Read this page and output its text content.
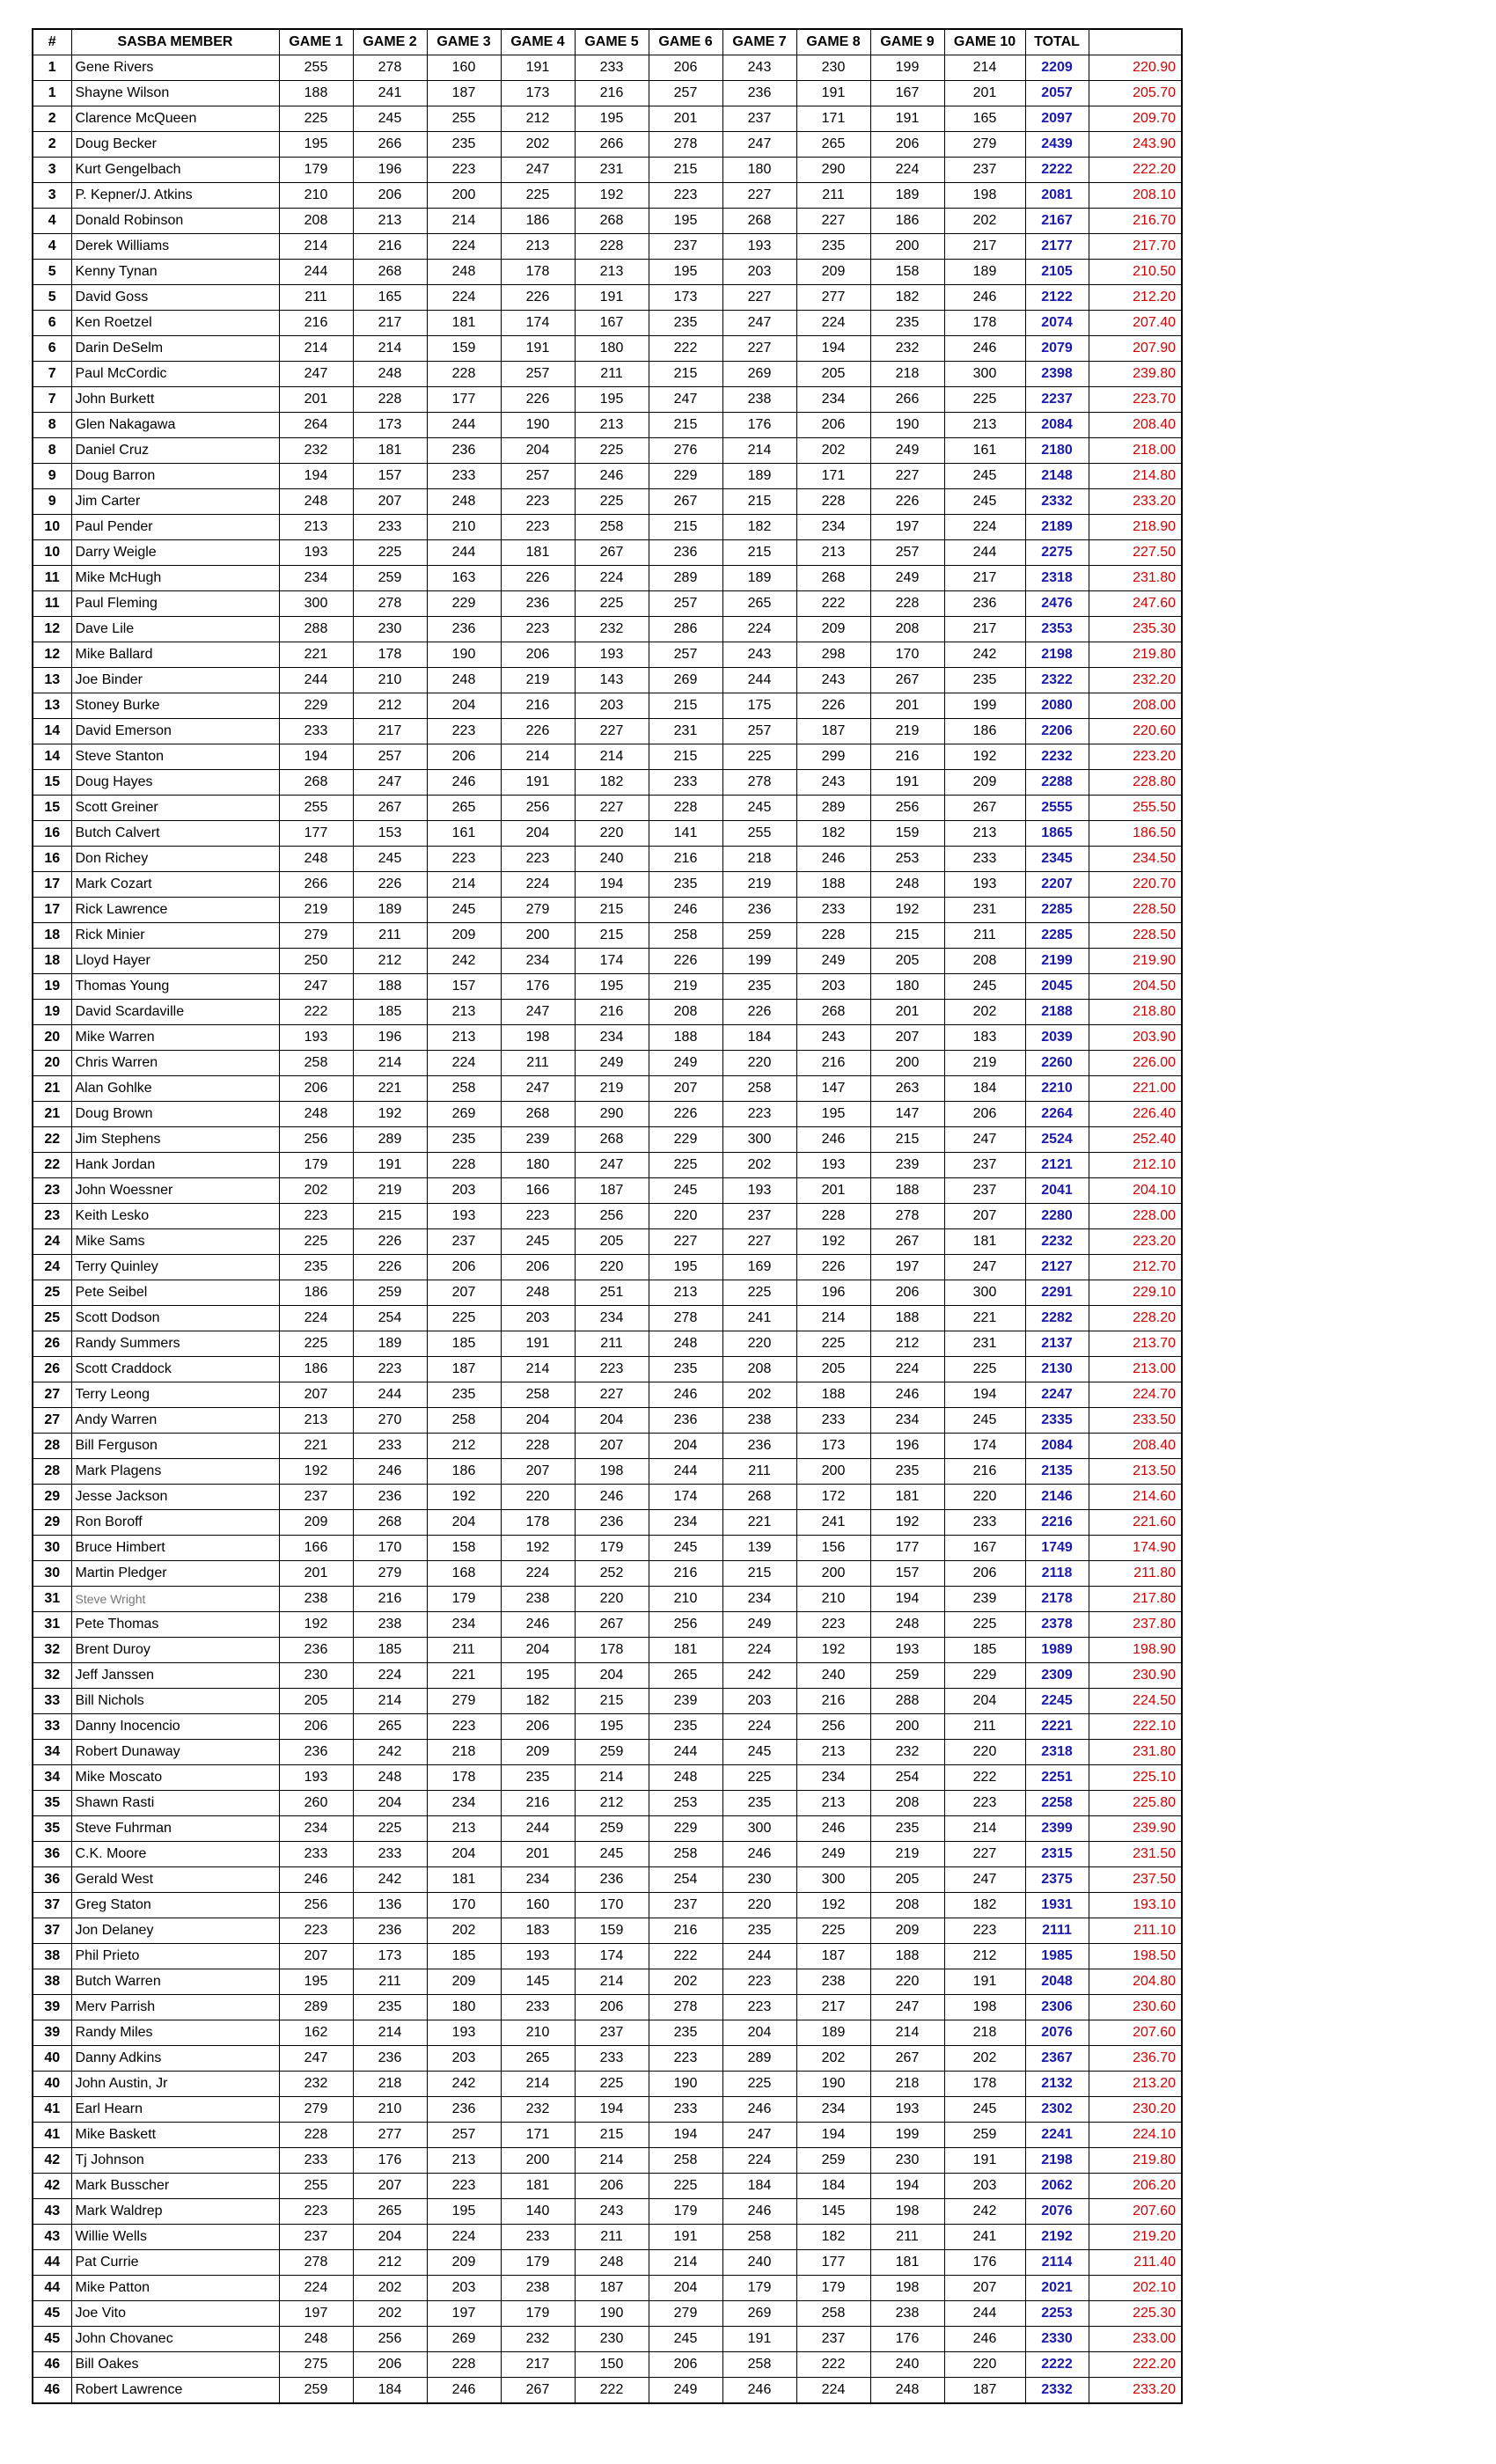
#	SASBA MEMBER	GAME 1	GAME 2	GAME 3	GAME 4	GAME 5	GAME 6	GAME 7	GAME 8	GAME 9	GAME 10	TOTAL	
1	Gene Rivers	255	278	160	191	233	206	243	230	199	214	2209	220.90
1	Shayne Wilson	188	241	187	173	216	257	236	191	167	201	2057	205.70
2	Clarence McQueen	225	245	255	212	195	201	237	171	191	165	2097	209.70
2	Doug Becker	195	266	235	202	266	278	247	265	206	279	2439	243.90
3	Kurt Gengelbach	179	196	223	247	231	215	180	290	224	237	2222	222.20
3	P. Kepner/J. Atkins	210	206	200	225	192	223	227	211	189	198	2081	208.10
4	Donald Robinson	208	213	214	186	268	195	268	227	186	202	2167	216.70
4	Derek Williams	214	216	224	213	228	237	193	235	200	217	2177	217.70
5	Kenny Tynan	244	268	248	178	213	195	203	209	158	189	2105	210.50
5	David Goss	211	165	224	226	191	173	227	277	182	246	2122	212.20
6	Ken Roetzel	216	217	181	174	167	235	247	224	235	178	2074	207.40
6	Darin DeSelm	214	214	159	191	180	222	227	194	232	246	2079	207.90
7	Paul McCordic	247	248	228	257	211	215	269	205	218	300	2398	239.80
7	John Burkett	201	228	177	226	195	247	238	234	266	225	2237	223.70
8	Glen Nakagawa	264	173	244	190	213	215	176	206	190	213	2084	208.40
8	Daniel Cruz	232	181	236	204	225	276	214	202	249	161	2180	218.00
9	Doug Barron	194	157	233	257	246	229	189	171	227	245	2148	214.80
9	Jim Carter	248	207	248	223	225	267	215	228	226	245	2332	233.20
10	Paul Pender	213	233	210	223	258	215	182	234	197	224	2189	218.90
10	Darry Weigle	193	225	244	181	267	236	215	213	257	244	2275	227.50
11	Mike McHugh	234	259	163	226	224	289	189	268	249	217	2318	231.80
11	Paul Fleming	300	278	229	236	225	257	265	222	228	236	2476	247.60
12	Dave Lile	288	230	236	223	232	286	224	209	208	217	2353	235.30
12	Mike Ballard	221	178	190	206	193	257	243	298	170	242	2198	219.80
13	Joe Binder	244	210	248	219	143	269	244	243	267	235	2322	232.20
13	Stoney Burke	229	212	204	216	203	215	175	226	201	199	2080	208.00
14	David Emerson	233	217	223	226	227	231	257	187	219	186	2206	220.60
14	Steve Stanton	194	257	206	214	214	215	225	299	216	192	2232	223.20
15	Doug Hayes	268	247	246	191	182	233	278	243	191	209	2288	228.80
15	Scott Greiner	255	267	265	256	227	228	245	289	256	267	2555	255.50
16	Butch Calvert	177	153	161	204	220	141	255	182	159	213	1865	186.50
16	Don Richey	248	245	223	223	240	216	218	246	253	233	2345	234.50
17	Mark Cozart	266	226	214	224	194	235	219	188	248	193	2207	220.70
17	Rick Lawrence	219	189	245	279	215	246	236	233	192	231	2285	228.50
18	Rick Minier	279	211	209	200	215	258	259	228	215	211	2285	228.50
18	Lloyd Hayer	250	212	242	234	174	226	199	249	205	208	2199	219.90
19	Thomas Young	247	188	157	176	195	219	235	203	180	245	2045	204.50
19	David Scardaville	222	185	213	247	216	208	226	268	201	202	2188	218.80
20	Mike Warren	193	196	213	198	234	188	184	243	207	183	2039	203.90
20	Chris Warren	258	214	224	211	249	249	220	216	200	219	2260	226.00
21	Alan Gohlke	206	221	258	247	219	207	258	147	263	184	2210	221.00
21	Doug Brown	248	192	269	268	290	226	223	195	147	206	2264	226.40
22	Jim Stephens	256	289	235	239	268	229	300	246	215	247	2524	252.40
22	Hank Jordan	179	191	228	180	247	225	202	193	239	237	2121	212.10
23	John Woessner	202	219	203	166	187	245	193	201	188	237	2041	204.10
23	Keith Lesko	223	215	193	223	256	220	237	228	278	207	2280	228.00
24	Mike Sams	225	226	237	245	205	227	227	192	267	181	2232	223.20
24	Terry Quinley	235	226	206	206	220	195	169	226	197	247	2127	212.70
25	Pete Seibel	186	259	207	248	251	213	225	196	206	300	2291	229.10
25	Scott Dodson	224	254	225	203	234	278	241	214	188	221	2282	228.20
26	Randy Summers	225	189	185	191	211	248	220	225	212	231	2137	213.70
26	Scott Craddock	186	223	187	214	223	235	208	205	224	225	2130	213.00
27	Terry Leong	207	244	235	258	227	246	202	188	246	194	2247	224.70
27	Andy Warren	213	270	258	204	204	236	238	233	234	245	2335	233.50
28	Bill Ferguson	221	233	212	228	207	204	236	173	196	174	2084	208.40
28	Mark Plagens	192	246	186	207	198	244	211	200	235	216	2135	213.50
29	Jesse Jackson	237	236	192	220	246	174	268	172	181	220	2146	214.60
29	Ron Boroff	209	268	204	178	236	234	221	241	192	233	2216	221.60
30	Bruce Himbert	166	170	158	192	179	245	139	156	177	167	1749	174.90
30	Martin Pledger	201	279	168	224	252	216	215	200	157	206	2118	211.80
31	Steve Wright	238	216	179	238	220	210	234	210	194	239	2178	217.80
31	Pete Thomas	192	238	234	246	267	256	249	223	248	225	2378	237.80
32	Brent Duroy	236	185	211	204	178	181	224	192	193	185	1989	198.90
32	Jeff Janssen	230	224	221	195	204	265	242	240	259	229	2309	230.90
33	Bill Nichols	205	214	279	182	215	239	203	216	288	204	2245	224.50
33	Danny Inocencio	206	265	223	206	195	235	224	256	200	211	2221	222.10
34	Robert Dunaway	236	242	218	209	259	244	245	213	232	220	2318	231.80
34	Mike Moscato	193	248	178	235	214	248	225	234	254	222	2251	225.10
35	Shawn Rasti	260	204	234	216	212	253	235	213	208	223	2258	225.80
35	Steve Fuhrman	234	225	213	244	259	229	300	246	235	214	2399	239.90
36	C.K. Moore	233	233	204	201	245	258	246	249	219	227	2315	231.50
36	Gerald West	246	242	181	234	236	254	230	300	205	247	2375	237.50
37	Greg Staton	256	136	170	160	170	237	220	192	208	182	1931	193.10
37	Jon Delaney	223	236	202	183	159	216	235	225	209	223	2111	211.10
38	Phil Prieto	207	173	185	193	174	222	244	187	188	212	1985	198.50
38	Butch Warren	195	211	209	145	214	202	223	238	220	191	2048	204.80
39	Merv Parrish	289	235	180	233	206	278	223	217	247	198	2306	230.60
39	Randy Miles	162	214	193	210	237	235	204	189	214	218	2076	207.60
40	Danny Adkins	247	236	203	265	233	223	289	202	267	202	2367	236.70
40	John Austin, Jr	232	218	242	214	225	190	225	190	218	178	2132	213.20
41	Earl Hearn	279	210	236	232	194	233	246	234	193	245	2302	230.20
41	Mike Baskett	228	277	257	171	215	194	247	194	199	259	2241	224.10
42	Tj Johnson	233	176	213	200	214	258	224	259	230	191	2198	219.80
42	Mark Busscher	255	207	223	181	206	225	184	184	194	203	2062	206.20
43	Mark Waldrep	223	265	195	140	243	179	246	145	198	242	2076	207.60
43	Willie Wells	237	204	224	233	211	191	258	182	211	241	2192	219.20
44	Pat Currie	278	212	209	179	248	214	240	177	181	176	2114	211.40
44	Mike Patton	224	202	203	238	187	204	179	179	198	207	2021	202.10
45	Joe Vito	197	202	197	179	190	279	269	258	238	244	2253	225.30
45	John Chovanec	248	256	269	232	230	245	191	237	176	246	2330	233.00
46	Bill Oakes	275	206	228	217	150	206	258	222	240	220	2222	222.20
46	Robert Lawrence	259	184	246	267	222	249	246	224	248	187	2332	233.20
